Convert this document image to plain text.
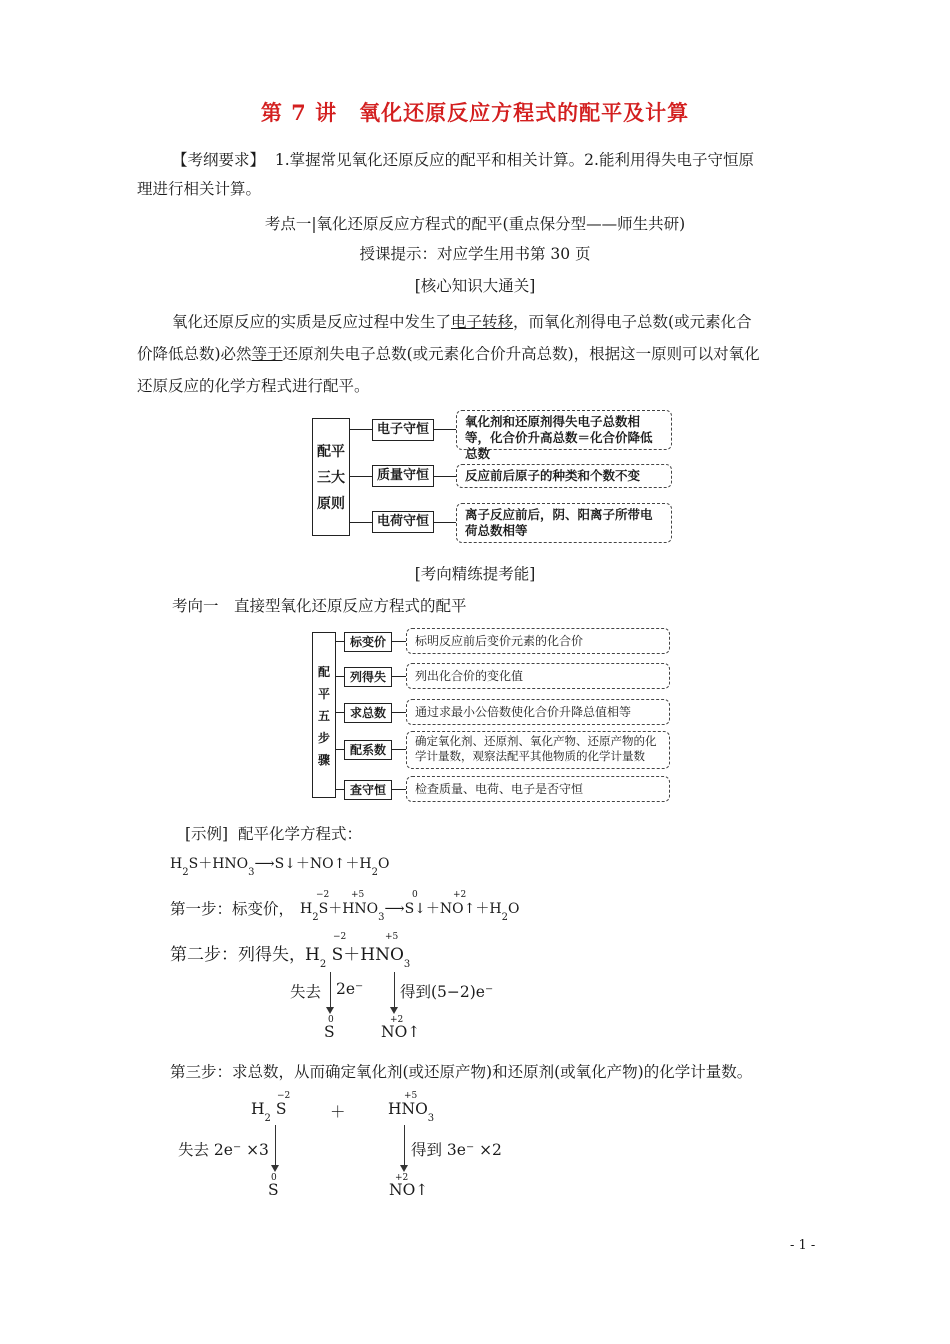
第 7 讲　氧化还原反应方程式的配平及计算
【考纲要求】 1.掌握常见氧化还原反应的配平和相关计算。2.能利用得失电子守恒原
理进行相关计算。
考点一|氧化还原反应方程式的配平(重点保分型——师生共研)
授课提示：对应学生用书第 30 页
[核心知识大通关]
氧化还原反应的实质是反应过程中发生了电子转移，而氧化剂得电子总数(或元素化合
价降低总数)必然等于还原剂失电子总数(或元素化合价升高总数)，根据这一原则可以对氧化
还原反应的化学方程式进行配平。
配平
三大
原则
电子守恒
质量守恒
电荷守恒
氧化剂和还原剂得失电子总数相等，化合价升高总数＝化合价降低总数
反应前后原子的种类和个数不变
离子反应前后，阴、阳离子所带电荷总数相等
[考向精练提考能]
考向一　直接型氧化还原反应方程式的配平
配
平
五
步
骤
标变价
列得失
求总数
配系数
查守恒
标明反应前后变价元素的化合价
列出化合价的变化值
通过求最小公倍数使化合价升降总值相等
确定氧化剂、还原剂、氧化产物、还原产物的化学计量数，观察法配平其他物质的化学计量数
检查质量、电荷、电子是否守恒
[示例] 配平化学方程式：
$H_2S+HNO_3⟶S↓+NO↑+H_2O$
第一步：标变价， $H_2S+HNO_3⟶S↓+NO↑+H_2O$
−2 +5	0	+2
第二步：列得失， $H_2$ $S+HNO_3$
−2	+5
失去 2e⁻ 得到(5−2)e⁻
0
S
+2
NO↑
第三步：求总数，从而确定氧化剂(或还原产物)和还原剂(或氧化产物)的化学计量数。
$H_2$ S
−2
＋	$HNO_3$
+5
失去 2e⁻ ×3	得到 3e⁻ ×2
0
S
+2
NO↑
- 1 -
